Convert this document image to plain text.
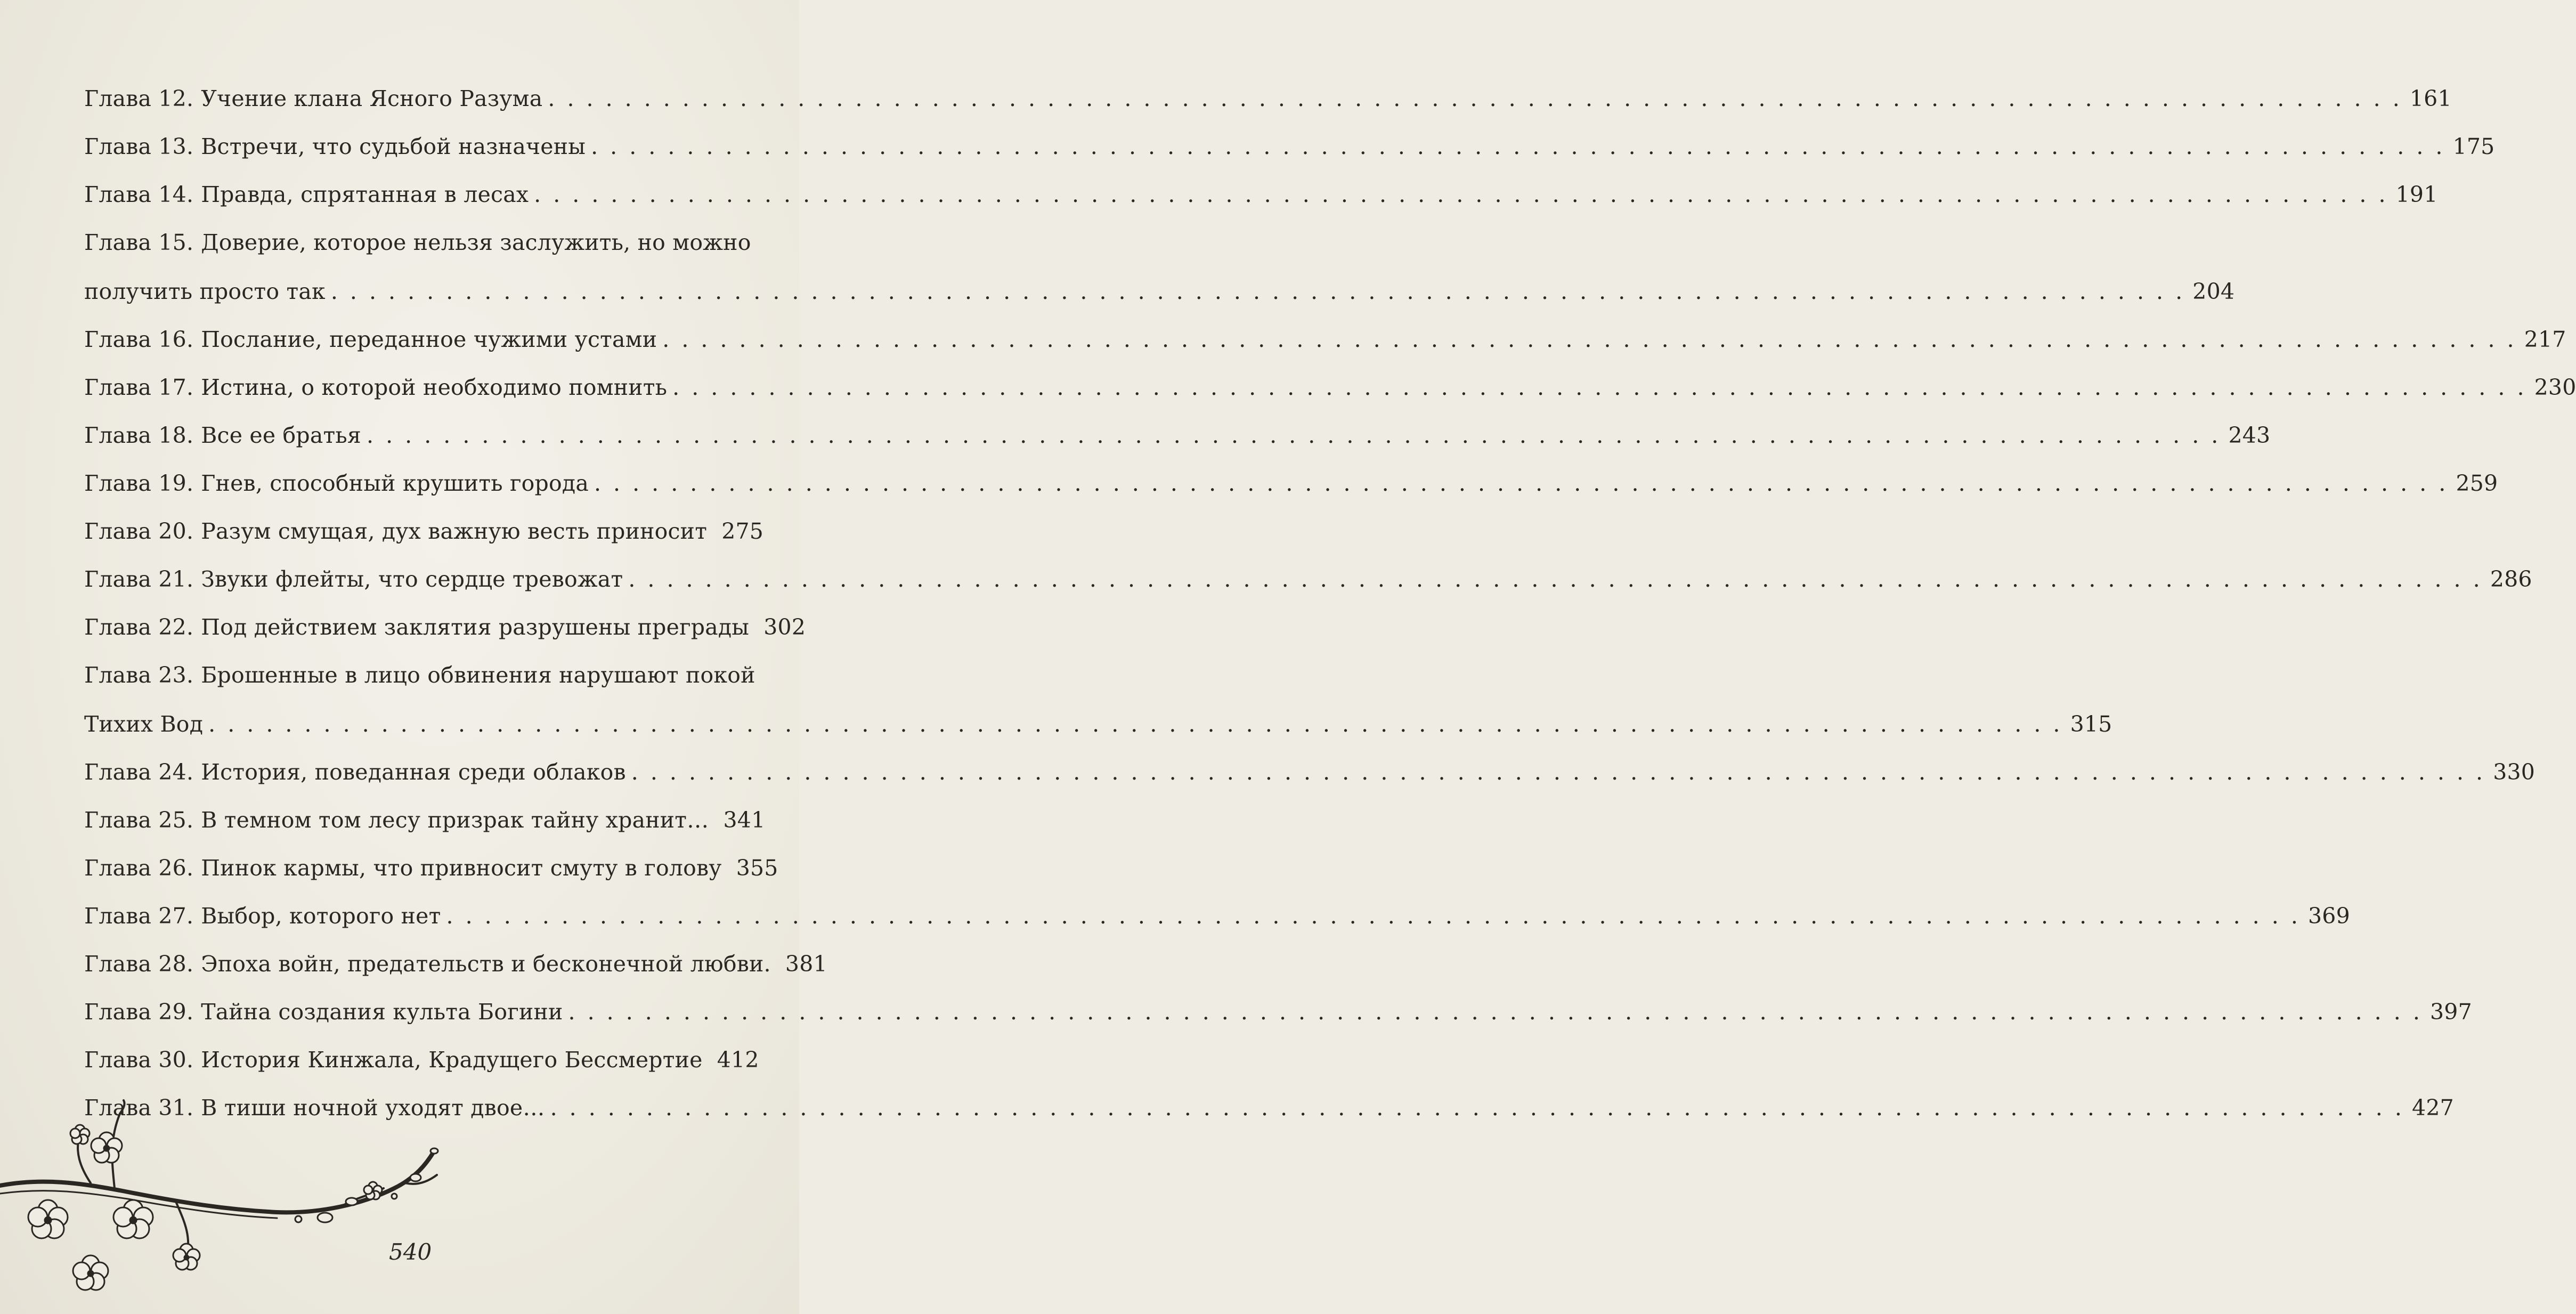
Глава 12. Учение клана Ясного Разума . . .	161
Глава 13. Встречи, что судьбой назначены . . .	175
Глава 14. Правда, спрятанная в лесах . . .	191
Глава 15. Доверие, которое нельзя заслужить, но можно
получить просто так . . .	204
Глава 16. Послание, переданное чужими устами . . .	217
Глава 17. Истина, о которой необходимо помнить . . .	230
Глава 18. Все ее братья . . .	243
Глава 19. Гнев, способный крушить города . . .	259
Глава 20. Разум смущая, дух важную весть приносит 275
Глава 21. Звуки флейты, что сердце тревожат . . .	286
Глава 22. Под действием заклятия разрушены преграды 302
Глава 23. Брошенные в лицо обвинения нарушают покой
Тихих Вод . . .	315
Глава 24. История, поведанная среди облаков . . .	330
Глава 25. В темном том лесу призрак тайну хранит… 341
Глава 26. Пинок кармы, что привносит смуту в голову 355
Глава 27. Выбор, которого нет . . .	369
Глава 28. Эпоха войн, предательств и бесконечной любви. 381
Глава 29. Тайна создания культа Богини . . .	397
Глава 30. История Кинжала, Крадущего Бессмертие 412
Глава 31. В тиши ночной уходят двое… . . .	427
540
